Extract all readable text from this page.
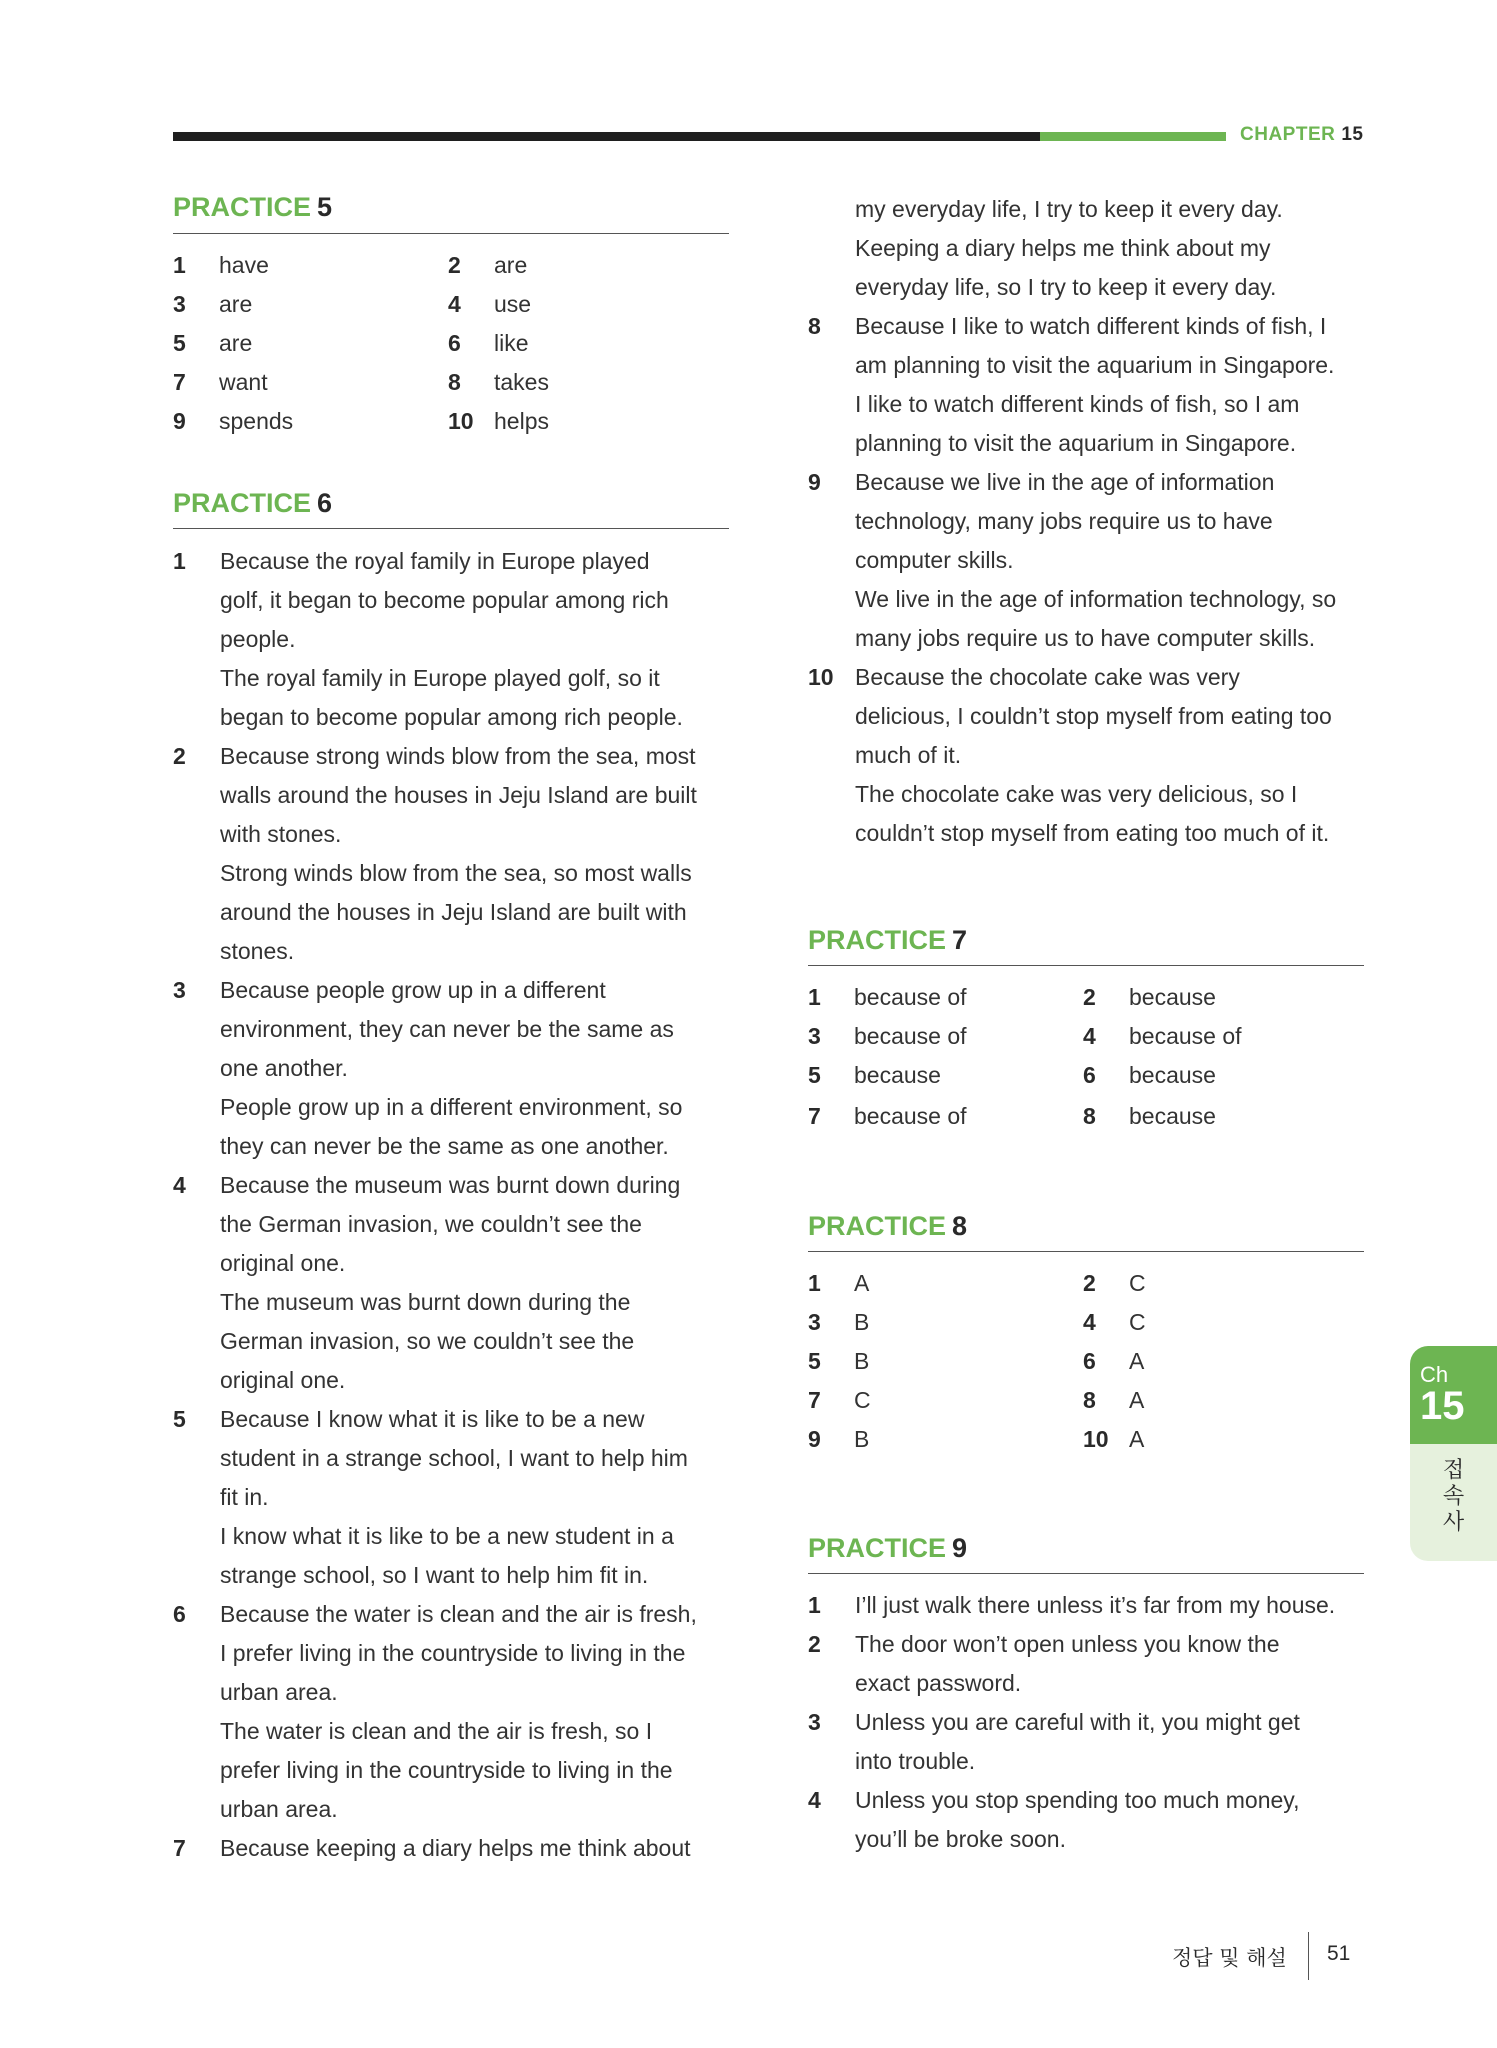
CHAPTER 15
PRACTICE 5
1 have	2 are
3 are	4 use
5 are	6 like
7 want	8 takes
9 spends	10 helps
PRACTICE 6
1 Because the royal family in Europe played
golf, it began to become popular among rich
people.
The royal family in Europe played golf, so it
began to become popular among rich people.
2 Because strong winds blow from the sea, most
walls around the houses in Jeju Island are built
with stones.
Strong winds blow from the sea, so most walls
around the houses in Jeju Island are built with
stones.
3 Because people grow up in a different
environment, they can never be the same as
one another.
People grow up in a different environment, so
they can never be the same as one another.
4 Because the museum was burnt down during
the German invasion, we couldn’t see the
original one.
The museum was burnt down during the
German invasion, so we couldn’t see the
original one.
5 Because I know what it is like to be a new
student in a strange school, I want to help him
fit in.
I know what it is like to be a new student in a
strange school, so I want to help him fit in.
6 Because the water is clean and the air is fresh,
I prefer living in the countryside to living in the
urban area.
The water is clean and the air is fresh, so I
prefer living in the countryside to living in the
urban area.
7 Because keeping a diary helps me think about
my everyday life, I try to keep it every day.
Keeping a diary helps me think about my
everyday life, so I try to keep it every day.
8 Because I like to watch different kinds of fish, I
am planning to visit the aquarium in Singapore.
I like to watch different kinds of fish, so I am
planning to visit the aquarium in Singapore.
9 Because we live in the age of information
technology, many jobs require us to have
computer skills.
We live in the age of information technology, so
many jobs require us to have computer skills.
10 Because the chocolate cake was very
delicious, I couldn’t stop myself from eating too
much of it.
The chocolate cake was very delicious, so I
couldn’t stop myself from eating too much of it.
PRACTICE 7
1 because of	2 because
3 because of	4 because of
5 because	6 because
7 because of	8 because
PRACTICE 8
1 A	2 C
3 B	4 C
5 B	6 A
7 C	8 A
9 B	10 A
PRACTICE 9
1 I’ll just walk there unless it’s far from my house.
2 The door won’t open unless you know the
exact password.
3 Unless you are careful with it, you might get
into trouble.
4 Unless you stop spending too much money,
you’ll be broke soon.
Ch
15
접
속
사
정답 및 해설 51
